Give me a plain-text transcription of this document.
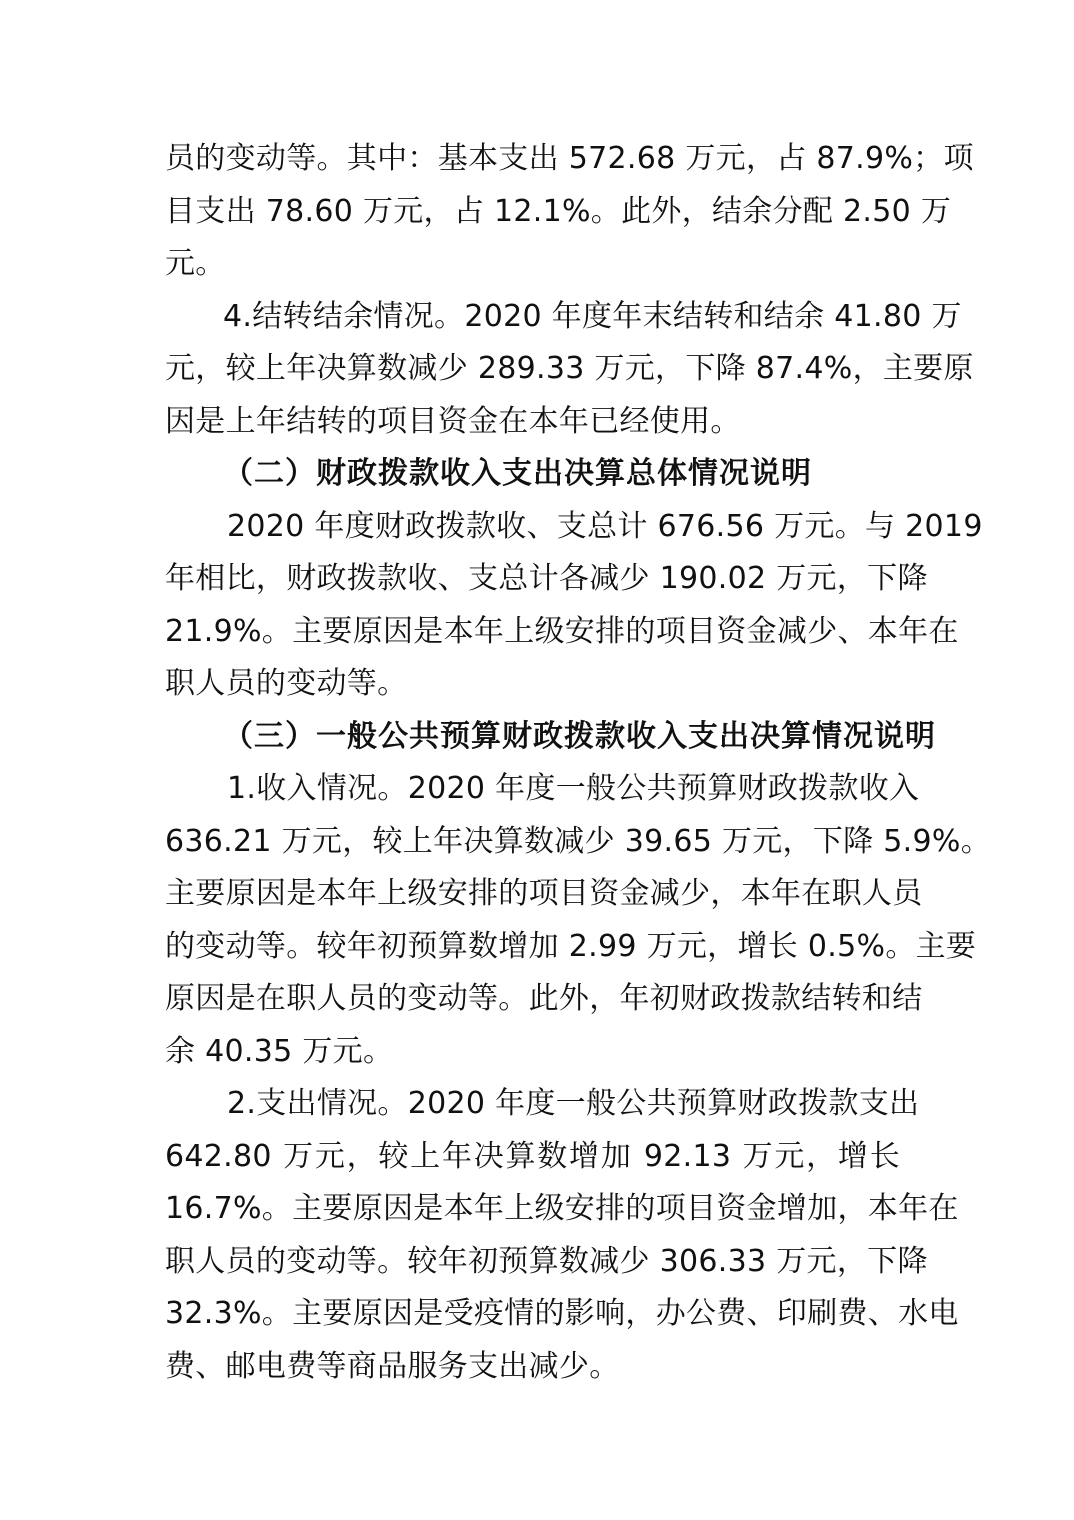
员的变动等。其中：基本支出 572.68 万元，占 87.9%；项
目支出 78.60 万元，占 12.1%。此外，结余分配 2.50 万
元。
4.结转结余情况。2020 年度年末结转和结余 41.80 万
元，较上年决算数减少 289.33 万元，下降 87.4%，主要原
因是上年结转的项目资金在本年已经使用。
（二）财政拨款收入支出决算总体情况说明
2020 年度财政拨款收、支总计 676.56 万元。与 2019
年相比，财政拨款收、支总计各减少 190.02 万元，下降
21.9%。主要原因是本年上级安排的项目资金减少、本年在
职人员的变动等。
（三）一般公共预算财政拨款收入支出决算情况说明
1.收入情况。2020 年度一般公共预算财政拨款收入
636.21 万元，较上年决算数减少 39.65 万元，下降 5.9%。
主要原因是本年上级安排的项目资金减少，本年在职人员
的变动等。较年初预算数增加 2.99 万元，增长 0.5%。主要
原因是在职人员的变动等。此外，年初财政拨款结转和结
余 40.35 万元。
2.支出情况。2020 年度一般公共预算财政拨款支出
642.80 万元，较上年决算数增加 92.13 万元，增长
16.7%。主要原因是本年上级安排的项目资金增加，本年在
职人员的变动等。较年初预算数减少 306.33 万元，下降
32.3%。主要原因是受疫情的影响，办公费、印刷费、水电
费、邮电费等商品服务支出减少。
